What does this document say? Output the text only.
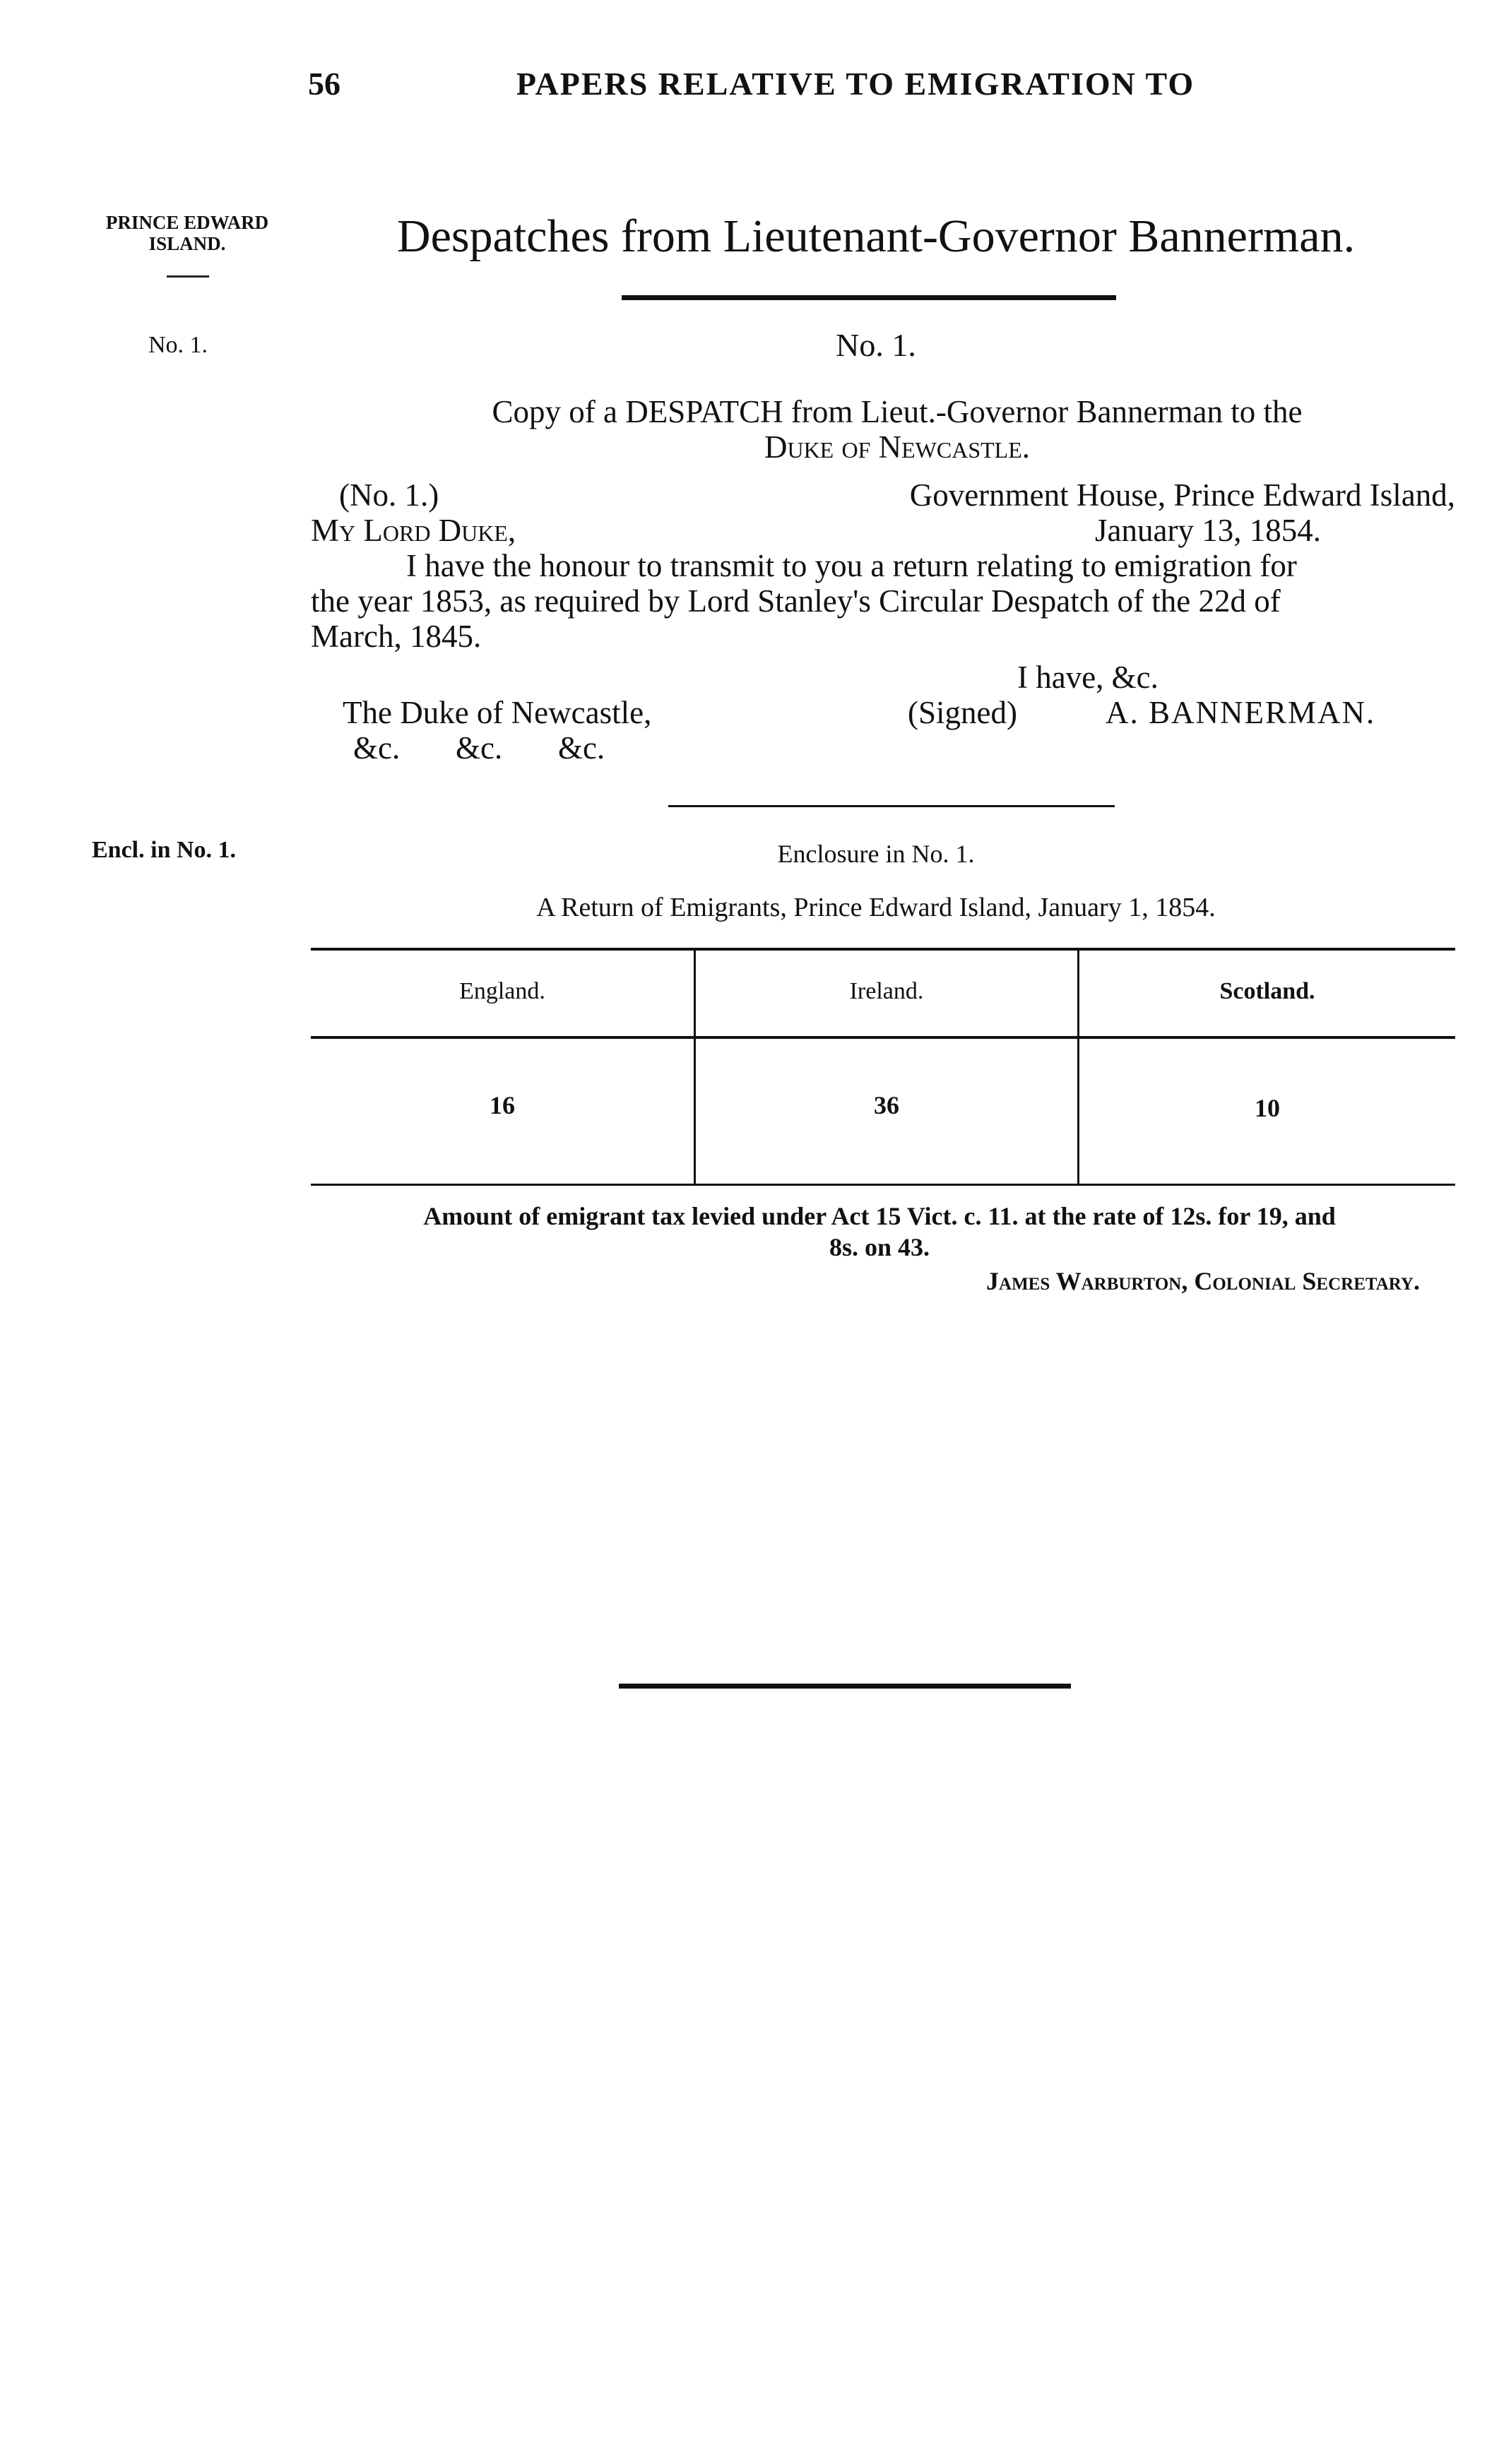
56	PAPERS RELATIVE TO EMIGRATION TO
PRINCE EDWARD
ISLAND.
No. 1.
Encl. in No. 1.
Despatches from Lieutenant-Governor Bannerman.
No. 1.
Copy of a DESPATCH from Lieut.-Governor Bannerman to the
Duke of Newcastle.
(No. 1.)	Government House, Prince Edward Island,
My Lord Duke,	January 13, 1854.
I have the honour to transmit to you a return relating to emigration for
the year 1853, as required by Lord Stanley's Circular Despatch of the 22d of
March, 1845.
I have, &c.
The Duke of Newcastle,
&c.       &c.       &c.
(Signed)	A. BANNERMAN.
Enclosure in No. 1.
A Return of Emigrants, Prince Edward Island, January 1, 1854.
England.	Ireland.	Scotland.
16	36	10
Amount of emigrant tax levied under Act 15 Vict. c. 11. at the rate of 12s. for 19, and
8s. on 43.
James Warburton, Colonial Secretary.
